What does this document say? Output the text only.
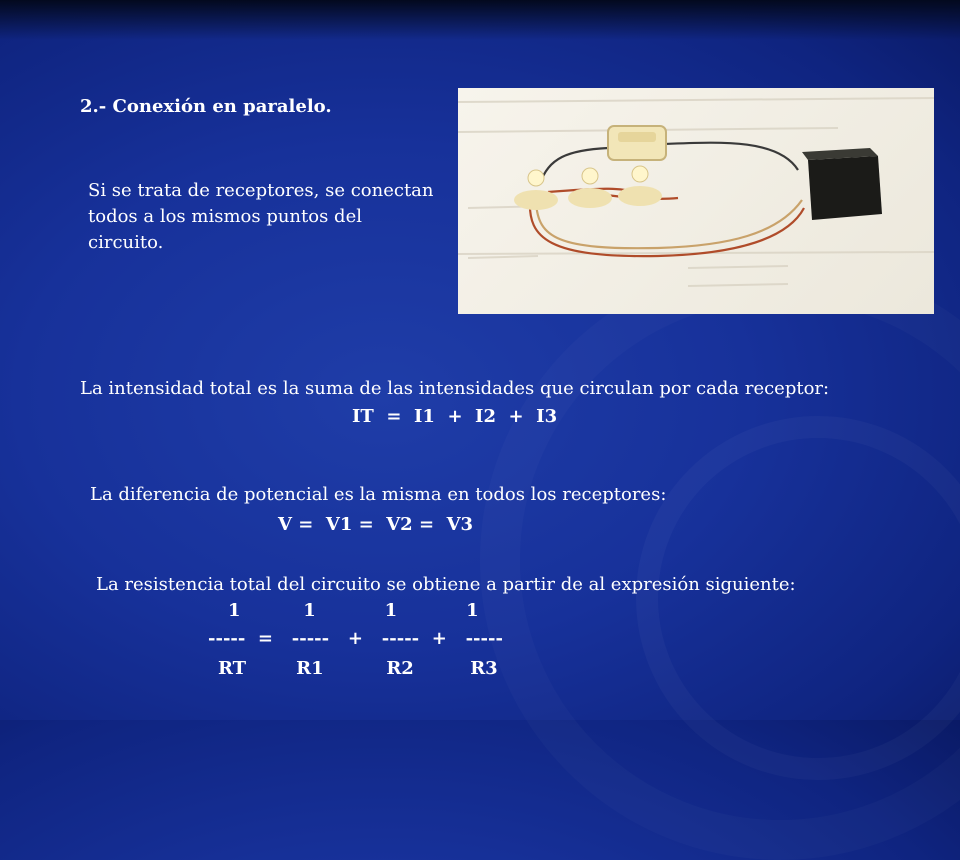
2.- Conexión en paralelo.
Si se trata de receptores, se conectan todos a los mismos puntos del circuito.
La intensidad total es la suma de las intensidades que circulan por cada receptor:
IT  =  I1  +  I2  +  I3
La diferencia de potencial es la misma en todos los receptores:
V =  V1 =  V2 =  V3
La resistencia total del circuito se obtiene a partir de al expresión siguiente:
1          1           1           1
-----  =   -----   +   -----  +   -----
RT        R1          R2         R3
